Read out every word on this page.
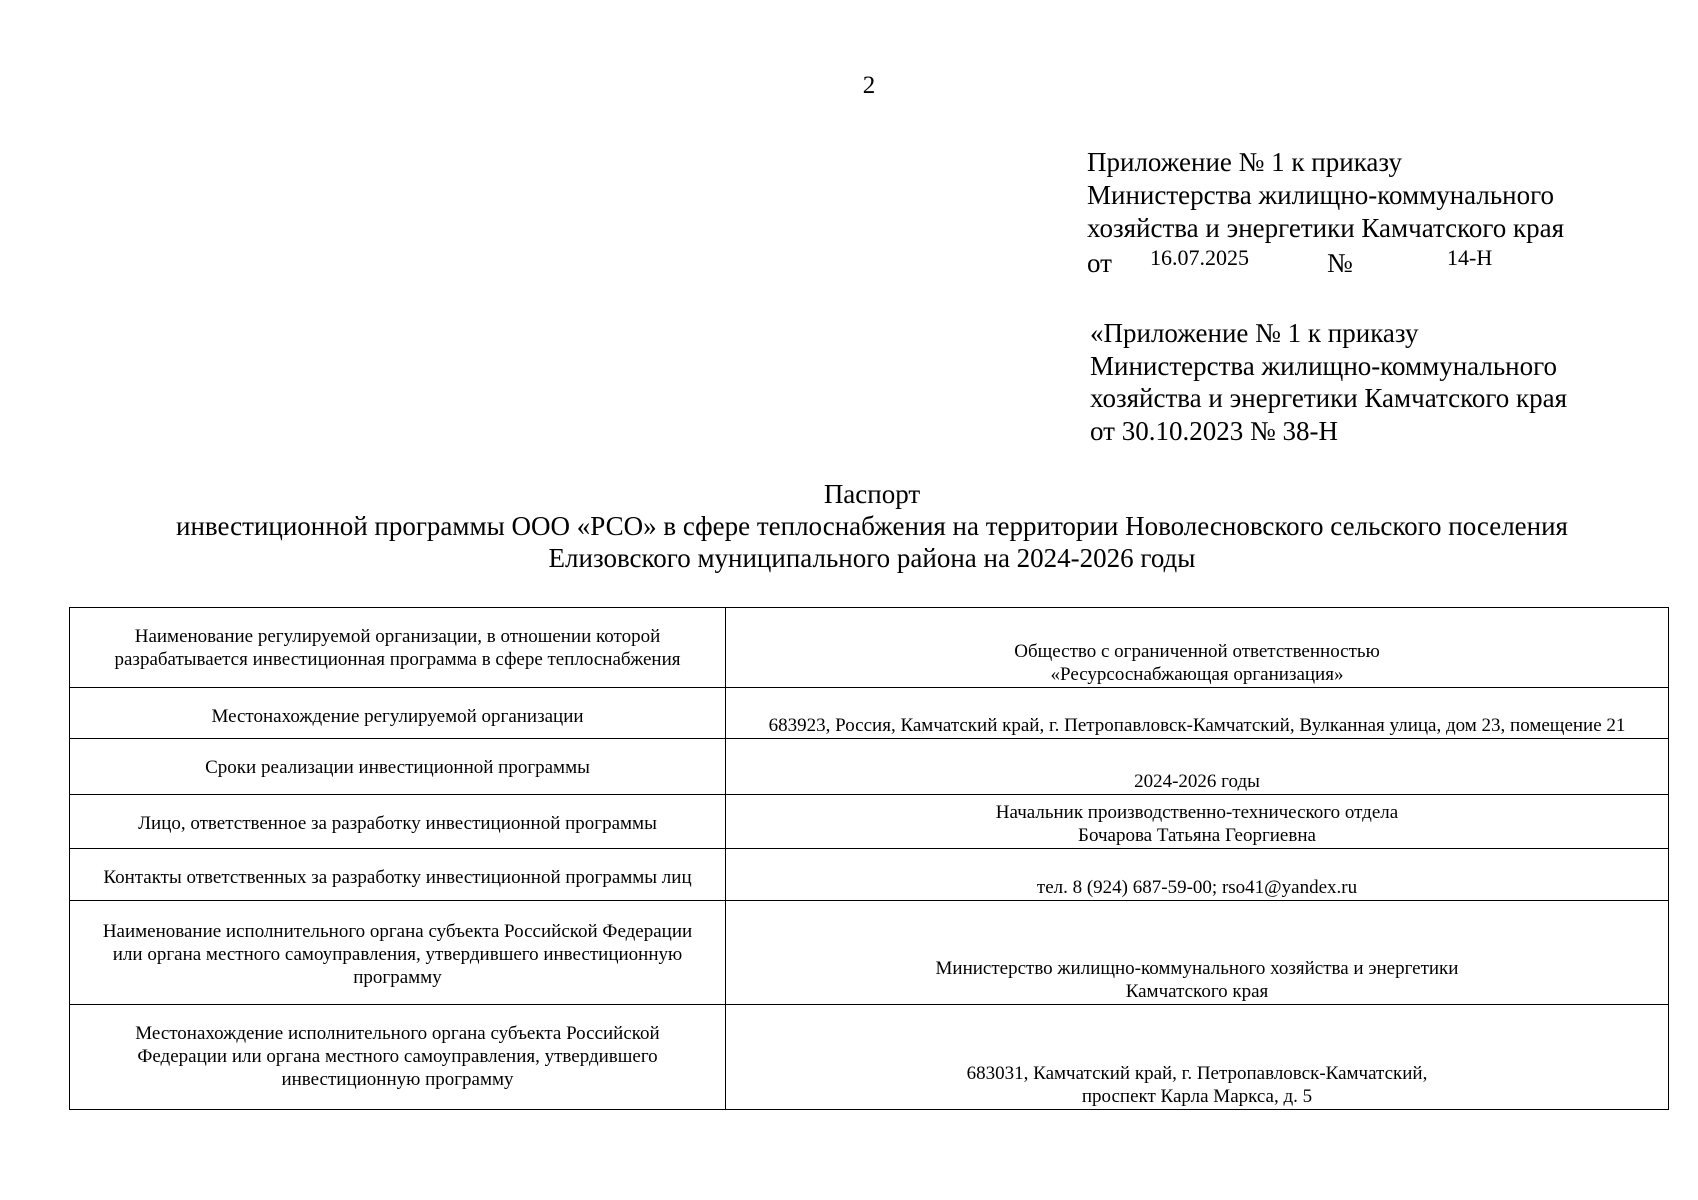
2
Приложение № 1 к приказу
Министерства жилищно-коммунального
хозяйства и энергетики Камчатского края
от 16.07.2025	№	14-Н
«Приложение № 1 к приказу
Министерства жилищно-коммунального
хозяйства и энергетики Камчатского края
от 30.10.2023 № 38-Н
Паспорт
инвестиционной программы ООО «РСО» в сфере теплоснабжения на территории Новолесновского сельского поселения
Елизовского муниципального района на 2024-2026 годы
Наименование регулируемой организации, в отношении которой
разрабатывается инвестиционная программа в сфере теплоснабжения	Общество с ограниченной ответственностью
«Ресурсоснабжающая организация»

Местонахождение регулируемой организации	683923, Россия, Камчатский край, г. Петропавловск-Камчатский, Вулканная улица, дом 23, помещение 21

Сроки реализации инвестиционной программы	2024-2026 годы

Лицо, ответственное за разработку инвестиционной программы	Начальник производственно-технического отдела
Бочарова Татьяна Георгиевна

Контакты ответственных за разработку инвестиционной программы лиц	тел. 8 (924) 687-59-00; rso41@yandex.ru

Наименование исполнительного органа субъекта Российской Федерации
или органа местного самоуправления, утвердившего инвестиционную
программу	Министерство жилищно-коммунального хозяйства и энергетики
Камчатского края

Местонахождение исполнительного органа субъекта Российской
Федерации или органа местного самоуправления, утвердившего
инвестиционную программу	683031, Камчатский край, г. Петропавловск-Камчатский,
проспект Карла Маркса, д. 5
